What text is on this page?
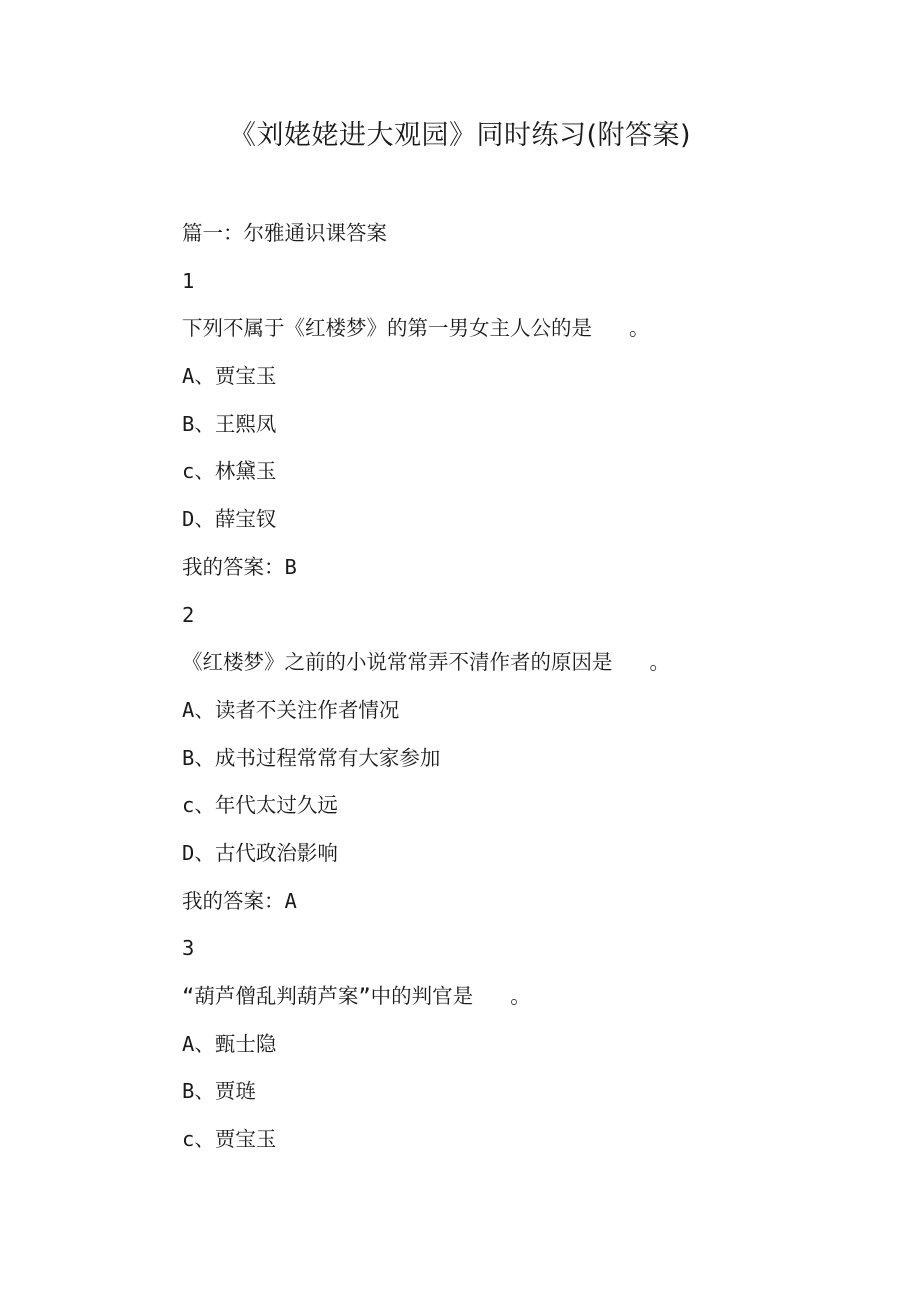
《刘姥姥进大观园》同时练习(附答案)
篇一：尔雅通识课答案
1
下列不属于《红楼梦》的第一男女主人公的是   。
A、贾宝玉
B、王熙凤
c、林黛玉
D、薛宝钗
我的答案：B
2
《红楼梦》之前的小说常常弄不清作者的原因是   。
A、读者不关注作者情况
B、成书过程常常有大家参加
c、年代太过久远
D、古代政治影响
我的答案：A
3
“葫芦僧乱判葫芦案”中的判官是   。
A、甄士隐
B、贾琏
c、贾宝玉
